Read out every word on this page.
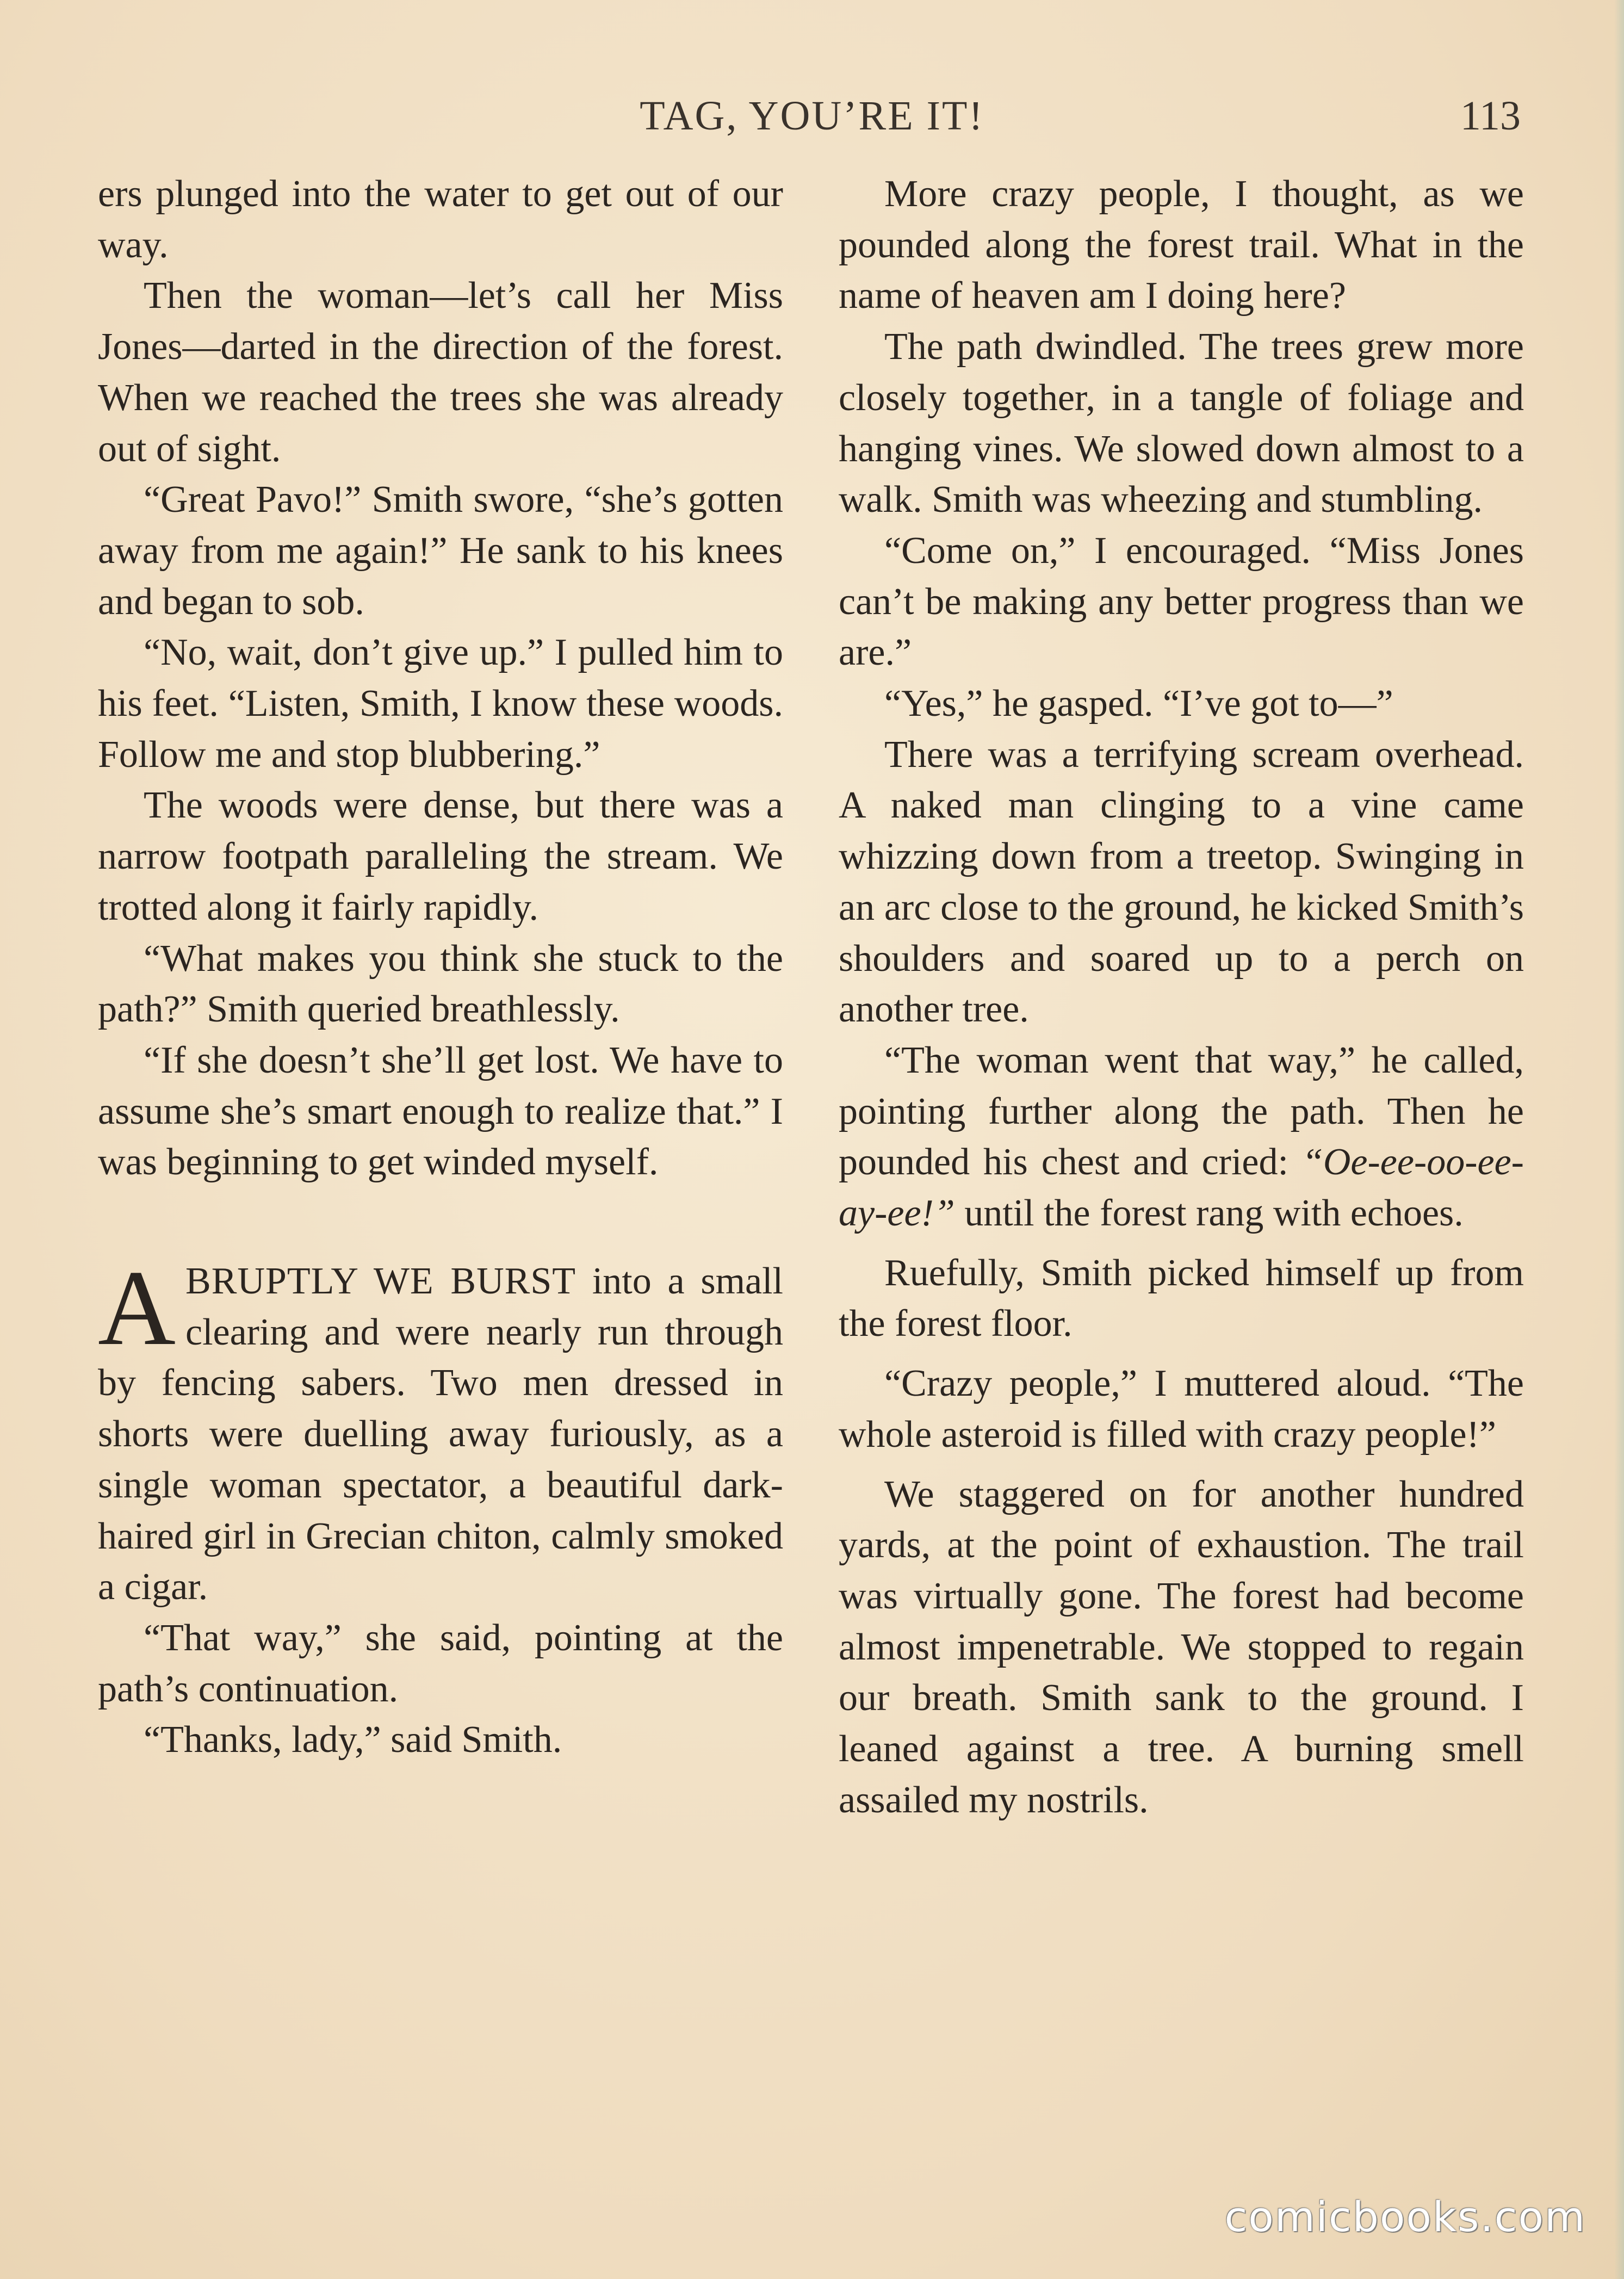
TAG, YOU’RE IT!	113

ers plunged into the water to get out of our way.

Then the woman—let’s call her Miss Jones—darted in the direction of the forest. When we reached the trees she was already out of sight.

“Great Pavo!” Smith swore, “she’s gotten away from me again!” He sank to his knees and began to sob.

“No, wait, don’t give up.” I pulled him to his feet. “Listen, Smith, I know these woods. Follow me and stop blubbering.”

The woods were dense, but there was a narrow footpath paralleling the stream. We trotted along it fairly rapidly.

“What makes you think she stuck to the path?” Smith queried breathlessly.

“If she doesn’t she’ll get lost. We have to assume she’s smart enough to realize that.” I was beginning to get winded myself.

ABRUPTLY WE BURST into a small clearing and were nearly run through by fencing sabers. Two men dressed in shorts were duelling away furiously, as a single woman spectator, a beautiful dark-haired girl in Grecian chiton, calmly smoked a cigar.

“That way,” she said, pointing at the path’s continuation.

“Thanks, lady,” said Smith.

More crazy people, I thought, as we pounded along the forest trail. What in the name of heaven am I doing here?

The path dwindled. The trees grew more closely together, in a tangle of foliage and hanging vines. We slowed down almost to a walk. Smith was wheezing and stumbling.

“Come on,” I encouraged. “Miss Jones can’t be making any better progress than we are.”

“Yes,” he gasped. “I’ve got to—”

There was a terrifying scream overhead. A naked man clinging to a vine came whizzing down from a treetop. Swinging in an arc close to the ground, he kicked Smith’s shoulders and soared up to a perch on another tree.

“The woman went that way,” he called, pointing further along the path. Then he pounded his chest and cried: “Oe-ee-oo-ee-ay-ee!” until the forest rang with echoes.

Ruefully, Smith picked himself up from the forest floor.

“Crazy people,” I muttered aloud. “The whole asteroid is filled with crazy people!”

We staggered on for another hundred yards, at the point of exhaustion. The trail was virtually gone. The forest had become almost impenetrable. We stopped to regain our breath. Smith sank to the ground. I leaned against a tree. A burning smell assailed my nostrils.

comicbooks.com
